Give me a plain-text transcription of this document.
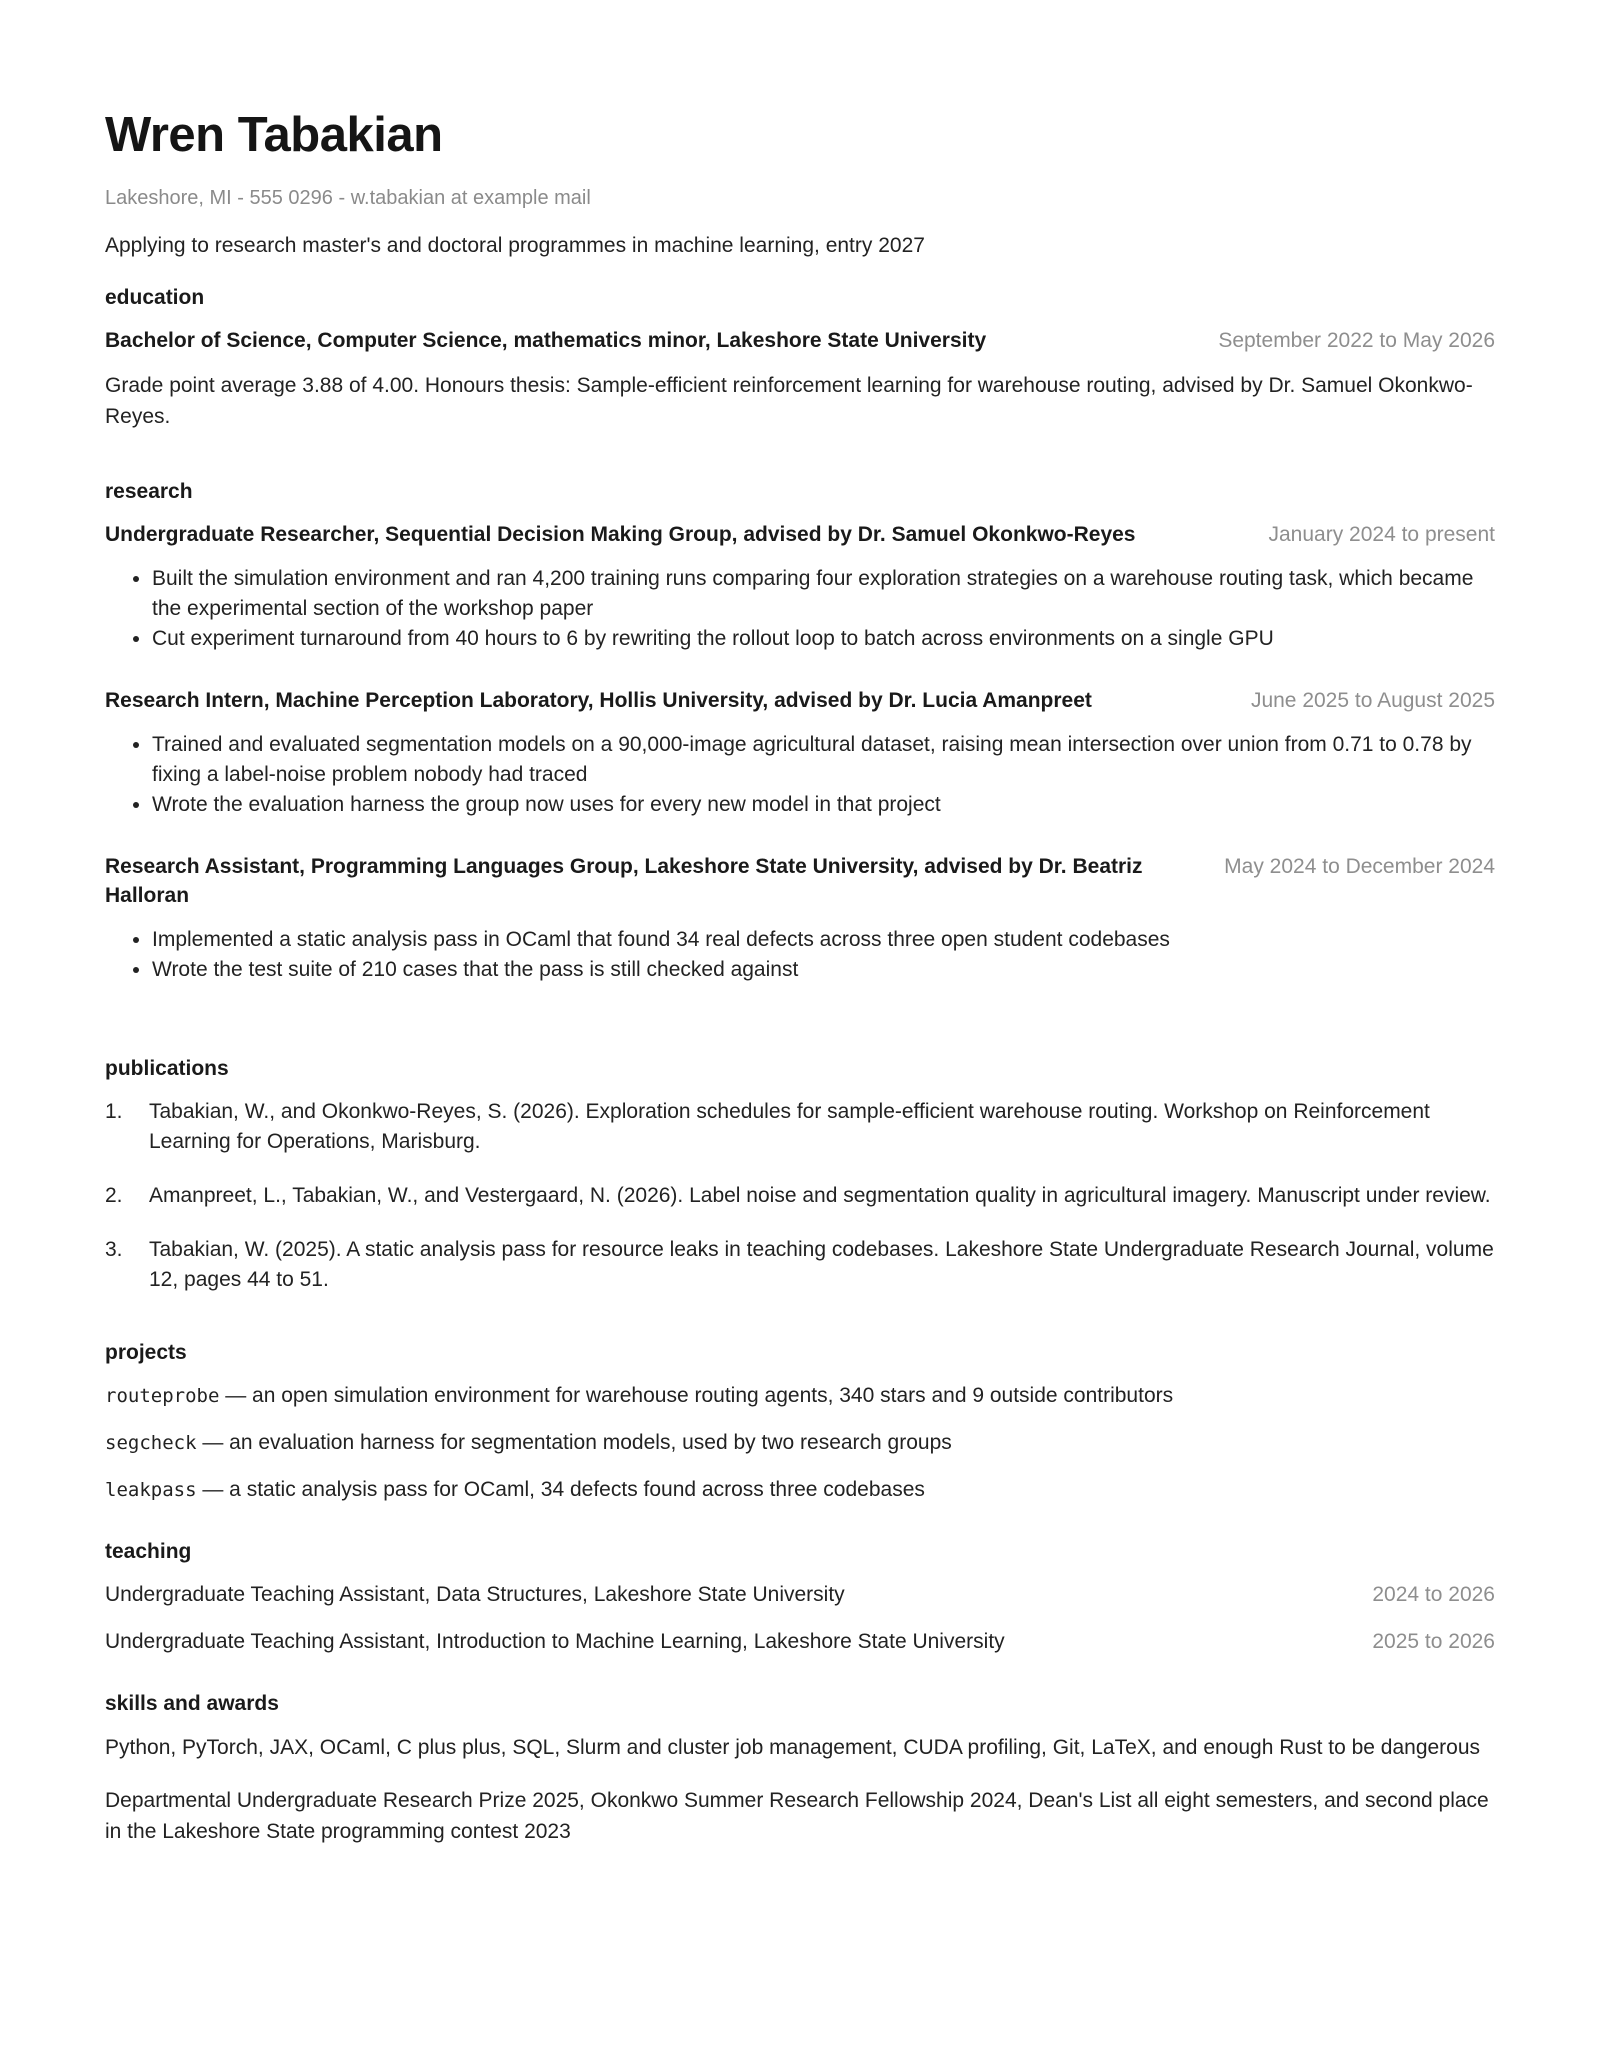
Wren Tabakian
Lakeshore, MI - 555 0296 - w.tabakian at example mail
Applying to research master's and doctoral programmes in machine learning, entry 2027
education
Bachelor of Science, Computer Science, mathematics minor, Lakeshore State University	September 2022 to May 2026
Grade point average 3.88 of 4.00. Honours thesis: Sample-efficient reinforcement learning for warehouse routing, advised by Dr. Samuel Okonkwo-Reyes.
research
Undergraduate Researcher, Sequential Decision Making Group, advised by Dr. Samuel Okonkwo-Reyes	January 2024 to present
• Built the simulation environment and ran 4,200 training runs comparing four exploration strategies on a warehouse routing task, which became the experimental section of the workshop paper
• Cut experiment turnaround from 40 hours to 6 by rewriting the rollout loop to batch across environments on a single GPU
Research Intern, Machine Perception Laboratory, Hollis University, advised by Dr. Lucia Amanpreet	June 2025 to August 2025
• Trained and evaluated segmentation models on a 90,000-image agricultural dataset, raising mean intersection over union from 0.71 to 0.78 by fixing a label-noise problem nobody had traced
• Wrote the evaluation harness the group now uses for every new model in that project
Research Assistant, Programming Languages Group, Lakeshore State University, advised by Dr. Beatriz Halloran
May 2024 to December 2024
• Implemented a static analysis pass in OCaml that found 34 real defects across three open student codebases
• Wrote the test suite of 210 cases that the pass is still checked against
publications
1.	Tabakian, W., and Okonkwo-Reyes, S. (2026). Exploration schedules for sample-efficient warehouse routing. Workshop on Reinforcement Learning for Operations, Marisburg.
2.	Amanpreet, L., Tabakian, W., and Vestergaard, N. (2026). Label noise and segmentation quality in agricultural imagery. Manuscript under review.
3.	Tabakian, W. (2025). A static analysis pass for resource leaks in teaching codebases. Lakeshore State Undergraduate Research Journal, volume 12, pages 44 to 51.
projects
routeprobe — an open simulation environment for warehouse routing agents, 340 stars and 9 outside contributors
segcheck — an evaluation harness for segmentation models, used by two research groups
leakpass — a static analysis pass for OCaml, 34 defects found across three codebases
teaching
Undergraduate Teaching Assistant, Data Structures, Lakeshore State University	2024 to 2026
Undergraduate Teaching Assistant, Introduction to Machine Learning, Lakeshore State University	2025 to 2026
skills and awards
Python, PyTorch, JAX, OCaml, C plus plus, SQL, Slurm and cluster job management, CUDA profiling, Git, LaTeX, and enough Rust to be dangerous
Departmental Undergraduate Research Prize 2025, Okonkwo Summer Research Fellowship 2024, Dean's List all eight semesters, and second place in the Lakeshore State programming contest 2023
